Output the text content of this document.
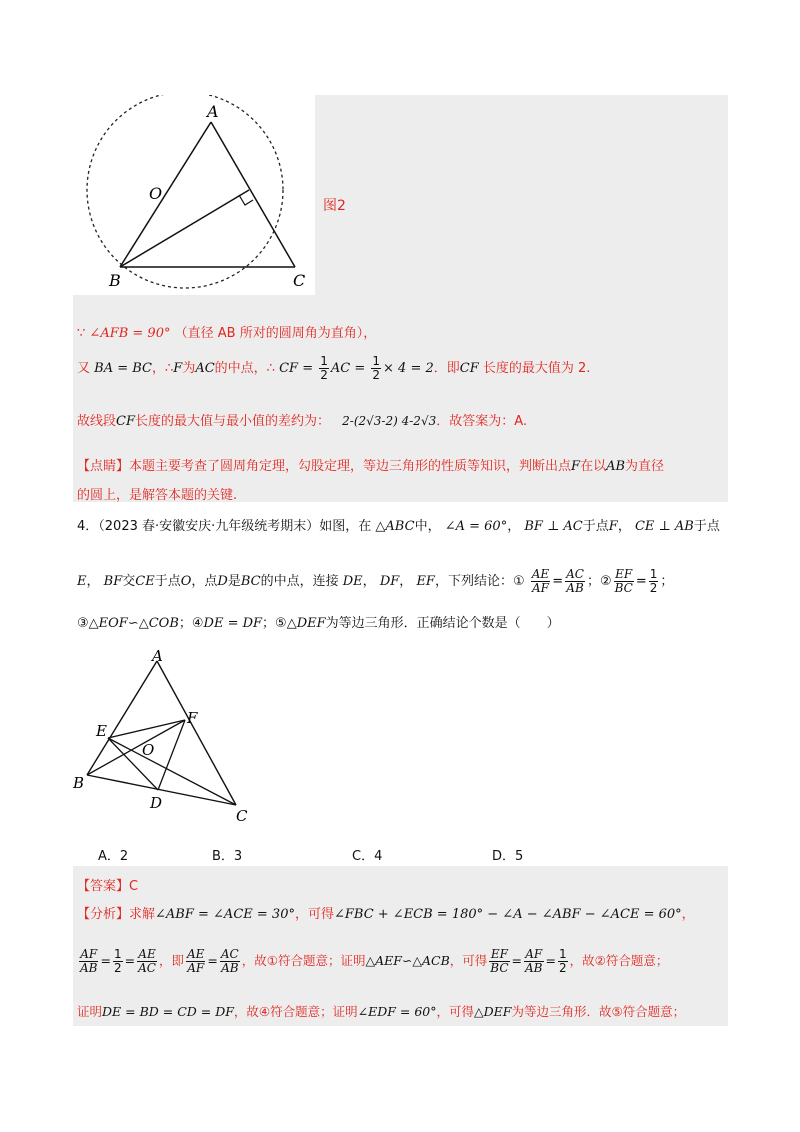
A
O
B	C
图2
∵ ∠AFB = 90° （直径 AB 所对的圆周角为直角），
又 BA = BC，∴F为AC的中点，∴ CF = $\frac{1}{2}$ AC = $\frac{1}{2} \times 4 = 2$．即CF 长度的最大值为 2.
故线段CF长度的最大值与最小值的差约为： 2-(2√3-2) 4-2√3．故答案为：A.
【点睛】本题主要考查了圆周角定理，勾股定理，等边三角形的性质等知识，判断出点F在以AB为直径
的圆上，是解答本题的关键.
4．（2023 春·安徽安庆·九年级统考期末）如图，在 △ABC中， ∠A = 60°， BF ⊥ AC于点F， CE ⊥ AB于点
E， BF交CE于点O，点D是BC的中点，连接 DE， DF， EF，下列结论：① $\frac{AE}{AF} = \frac{AC}{AB}$ ；② $\frac{EF}{BC} = \frac{1}{2}$ ；
③△EOF∽△COB；④DE = DF；⑤△DEF为等边三角形．正确结论个数是（　　）
A
E
F
O
B
D
C
A．2	B．3	C．4	D．5
【答案】C
【分析】求解∠ABF = ∠ACE = 30°，可得∠FBC + ∠ECB = 180° − ∠A − ∠ABF − ∠ACE = 60°，
$\frac{AF}{AB} = \frac{1}{2} = \frac{AE}{AC}$ ，即 $\frac{AE}{AF} = \frac{AC}{AB}$ ，故①符合题意；证明△AEF∽△ACB，可得 $\frac{EF}{BC} = \frac{AF}{AB} = \frac{1}{2}$ ，故②符合题意；
证明DE = BD = CD = DF，故④符合题意；证明∠EDF = 60°，可得△DEF为等边三角形．故⑤符合题意；
